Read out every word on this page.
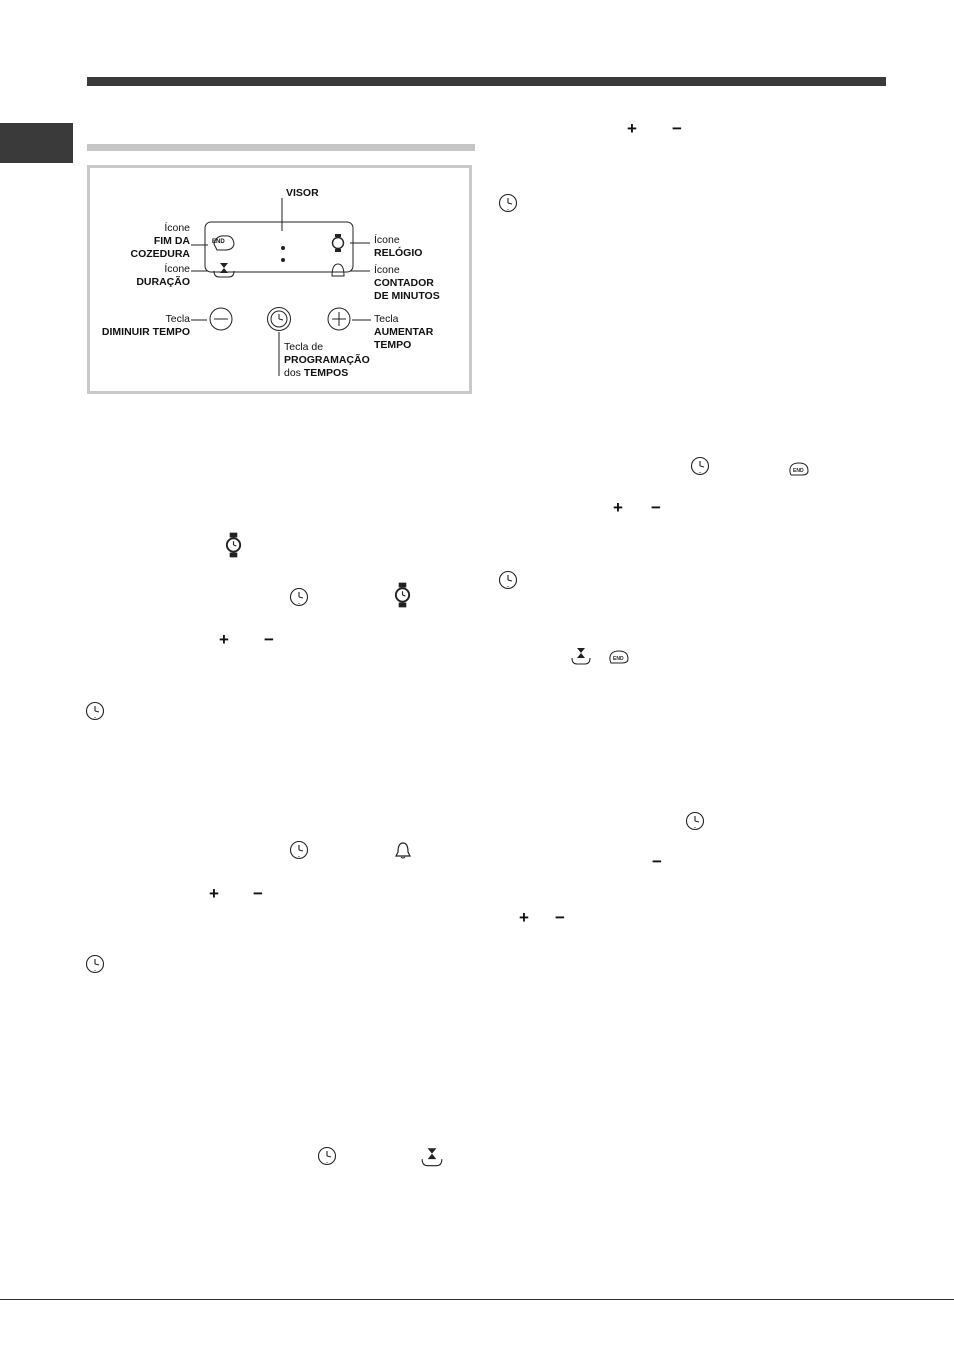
VISOR
Ícone
FIM DA
COZEDURA
Ícone
DURAÇÃO
Tecla
DIMINUIR TEMPO
Ícone
RELÓGIO
Ícone
CONTADOR
DE MINUTOS
Tecla
AUMENTAR
TEMPO
Tecla de
PROGRAMAÇÃO
dos TEMPOS
END
+ −
+ −
+ −
+ −
−
+ −
